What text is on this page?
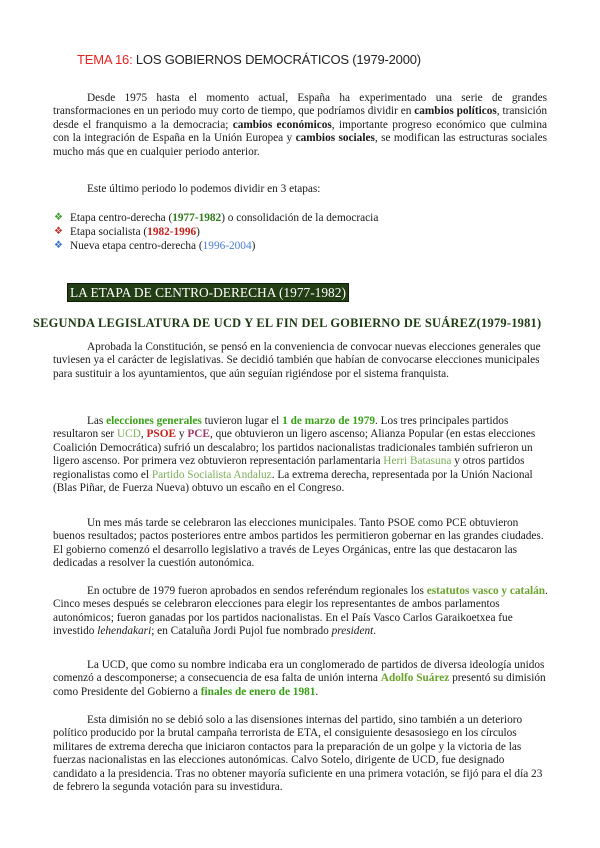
TEMA 16: LOS GOBIERNOS DEMOCRÁTICOS (1979-2000)
Desde 1975 hasta el momento actual, España ha experimentado una serie de grandes transformaciones en un periodo muy corto de tiempo, que podríamos dividir en cambios políticos, transición desde el franquismo a la democracia; cambios económicos, importante progreso económico que culmina con la integración de España en la Unión Europea y cambios sociales, se modifican las estructuras sociales mucho más que en cualquier periodo anterior.
Este último periodo lo podemos dividir en 3 etapas:
❖ Etapa centro-derecha (1977-1982) o consolidación de la democracia
❖ Etapa socialista (1982-1996)
❖ Nueva etapa centro-derecha (1996-2004)
LA ETAPA DE CENTRO-DERECHA (1977-1982)
SEGUNDA LEGISLATURA DE UCD Y EL FIN DEL GOBIERNO DE SUÁREZ(1979-1981)
Aprobada la Constitución, se pensó en la conveniencia de convocar nuevas elecciones generales que tuviesen ya el carácter de legislativas. Se decidió también que habían de convocarse elecciones municipales para sustituir a los ayuntamientos, que aún seguían rigiéndose por el sistema franquista.
Las elecciones generales tuvieron lugar el 1 de marzo de 1979. Los tres principales partidos resultaron ser UCD, PSOE y PCE, que obtuvieron un ligero ascenso; Alianza Popular (en estas elecciones Coalición Democrática) sufrió un descalabro; los partidos nacionalistas tradicionales también sufrieron un ligero ascenso. Por primera vez obtuvieron representación parlamentaria Herri Batasuna y otros partidos regionalistas como el Partido Socialista Andaluz. La extrema derecha, representada por la Unión Nacional (Blas Piñar, de Fuerza Nueva) obtuvo un escaño en el Congreso.
Un mes más tarde se celebraron las elecciones municipales. Tanto PSOE como PCE obtuvieron buenos resultados; pactos posteriores entre ambos partidos les permitieron gobernar en las grandes ciudades. El gobierno comenzó el desarrollo legislativo a través de Leyes Orgánicas, entre las que destacaron las dedicadas a resolver la cuestión autonómica.
En octubre de 1979 fueron aprobados en sendos referéndum regionales los estatutos vasco y catalán. Cinco meses después se celebraron elecciones para elegir los representantes de ambos parlamentos autonómicos; fueron ganadas por los partidos nacionalistas. En el País Vasco Carlos Garaikoetxea fue investido lehendakari; en Cataluña Jordi Pujol fue nombrado president.
La UCD, que como su nombre indicaba era un conglomerado de partidos de diversa ideología unidos comenzó a descomponerse; a consecuencia de esa falta de unión interna Adolfo Suárez presentó su dimisión como Presidente del Gobierno a finales de enero de 1981.
Esta dimisión no se debió solo a las disensiones internas del partido, sino también a un deterioro político producido por la brutal campaña terrorista de ETA, el consiguiente desasosiego en los círculos militares de extrema derecha que iniciaron contactos para la preparación de un golpe y la victoria de las fuerzas nacionalistas en las elecciones autonómicas. Calvo Sotelo, dirigente de UCD, fue designado candidato a la presidencia. Tras no obtener mayoría suficiente en una primera votación, se fijó para el día 23 de febrero la segunda votación para su investidura.
